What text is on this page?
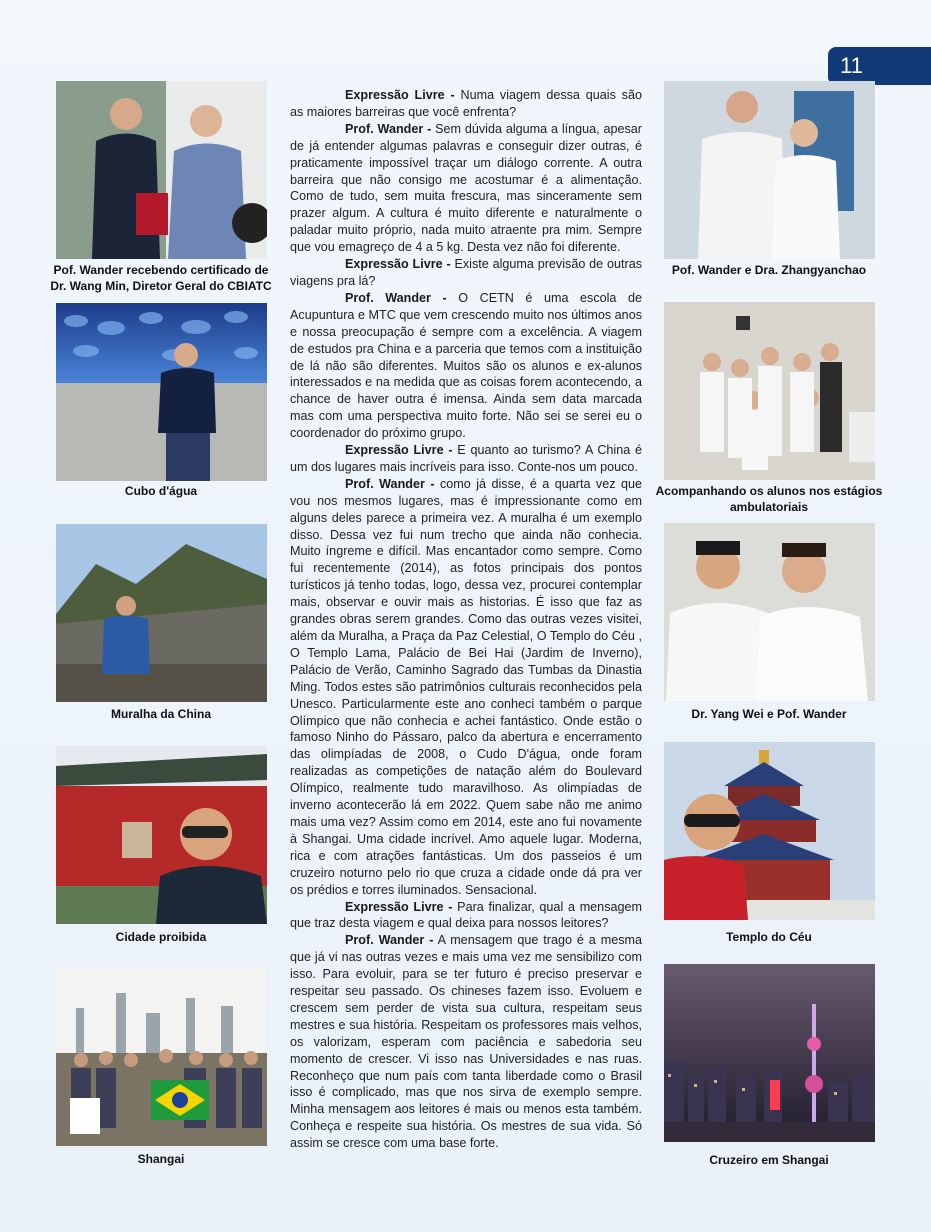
11
Pof. Wander recebendo certificado de Dr. Wang Min, Diretor Geral do CBIATC
Cubo d'água
Muralha da China
Cidade proibida
Shangai

Expressão Livre - Numa viagem dessa quais são as maiores barreiras que você enfrenta?

Prof. Wander - Sem dúvida alguma a língua, apesar de já entender algumas palavras e conseguir dizer outras, é praticamente impossível traçar um diálogo corrente. A outra barreira que não consigo me acostumar é a alimentação. Como de tudo, sem muita frescura, mas sinceramente sem prazer algum. A cultura é muito diferente e naturalmente o paladar muito próprio, nada muito atraente pra mim. Sempre que vou emagreço de 4 a 5 kg. Desta vez não foi diferente.

Expressão Livre - Existe alguma previsão de outras viagens pra lá?

Prof. Wander - O CETN é uma escola de Acupuntura e MTC que vem crescendo muito nos últimos anos e nossa preocupação é sempre com a excelência. A viagem de estudos pra China e a parceria que temos com a instituição de lá não são diferentes. Muitos são os alunos e ex-alunos interessados e na medida que as coisas forem acontecendo, a chance de haver outra é imensa. Ainda sem data marcada mas com uma perspectiva muito forte. Não sei se serei eu o coordenador do próximo grupo.

Expressão Livre - E quanto ao turismo? A China é um dos lugares mais incríveis para isso. Conte-nos um pouco.

Prof. Wander - como já disse, é a quarta vez que vou nos mesmos lugares, mas é impressionante como em alguns deles parece a primeira vez. A muralha é um exemplo disso. Dessa vez fui num trecho que ainda não conhecia. Muito íngreme e difícil. Mas encantador como sempre. Como fui recentemente (2014), as fotos principais dos pontos turísticos já tenho todas, logo, dessa vez, procurei contemplar mais, observar e ouvir mais as historias. É isso que faz as grandes obras serem grandes. Como das outras vezes visitei, além da Muralha, a Praça da Paz Celestial, O Templo do Céu , O Templo Lama, Palácio de Bei Hai (Jardim de Inverno), Palácio de Verão, Caminho Sagrado das Tumbas da Dinastia Ming. Todos estes são patrimônios culturais reconhecidos pela Unesco. Particularmente este ano conheci também o parque Olímpico que não conhecia e achei fantástico. Onde estão o famoso Ninho do Pássaro, palco da abertura e encerramento das olimpíadas de 2008, o Cudo D'água, onde foram realizadas as competições de natação além do Boulevard Olímpico, realmente tudo maravilhoso. As olimpíadas de inverno acontecerão lá em 2022. Quem sabe não me animo mais uma vez? Assim como em 2014, este ano fui novamente à Shangai. Uma cidade incrível. Amo aquele lugar. Moderna, rica e com atrações fantásticas. Um dos passeios é um cruzeiro noturno pelo rio que cruza a cidade onde dá pra ver os prédios e torres iluminados. Sensacional.

Expressão Livre - Para finalizar, qual a mensagem que traz desta viagem e qual deixa para nossos leitores?

Prof. Wander - A mensagem que trago é a mesma que já vi nas outras vezes e mais uma vez me sensibilizo com isso. Para evoluir, para se ter futuro é preciso preservar e respeitar seu passado. Os chineses fazem isso. Evoluem e crescem sem perder de vista sua cultura, respeitam seus mestres e sua história. Respeitam os professores mais velhos, os valorizam, esperam com paciência e sabedoria seu momento de crescer. Vi isso nas Universidades e nas ruas. Reconheço que num país com tanta liberdade como o Brasil isso é complicado, mas que nos sirva de exemplo sempre. Minha mensagem aos leitores é mais ou menos esta também. Conheça e respeite sua história. Os mestres de sua vida. Só assim se cresce com uma base forte.

Pof. Wander e Dra. Zhangyanchao
Acompanhando os alunos nos estágios ambulatoriais
Dr. Yang Wei e Pof. Wander
Templo do Céu
Cruzeiro em Shangai
